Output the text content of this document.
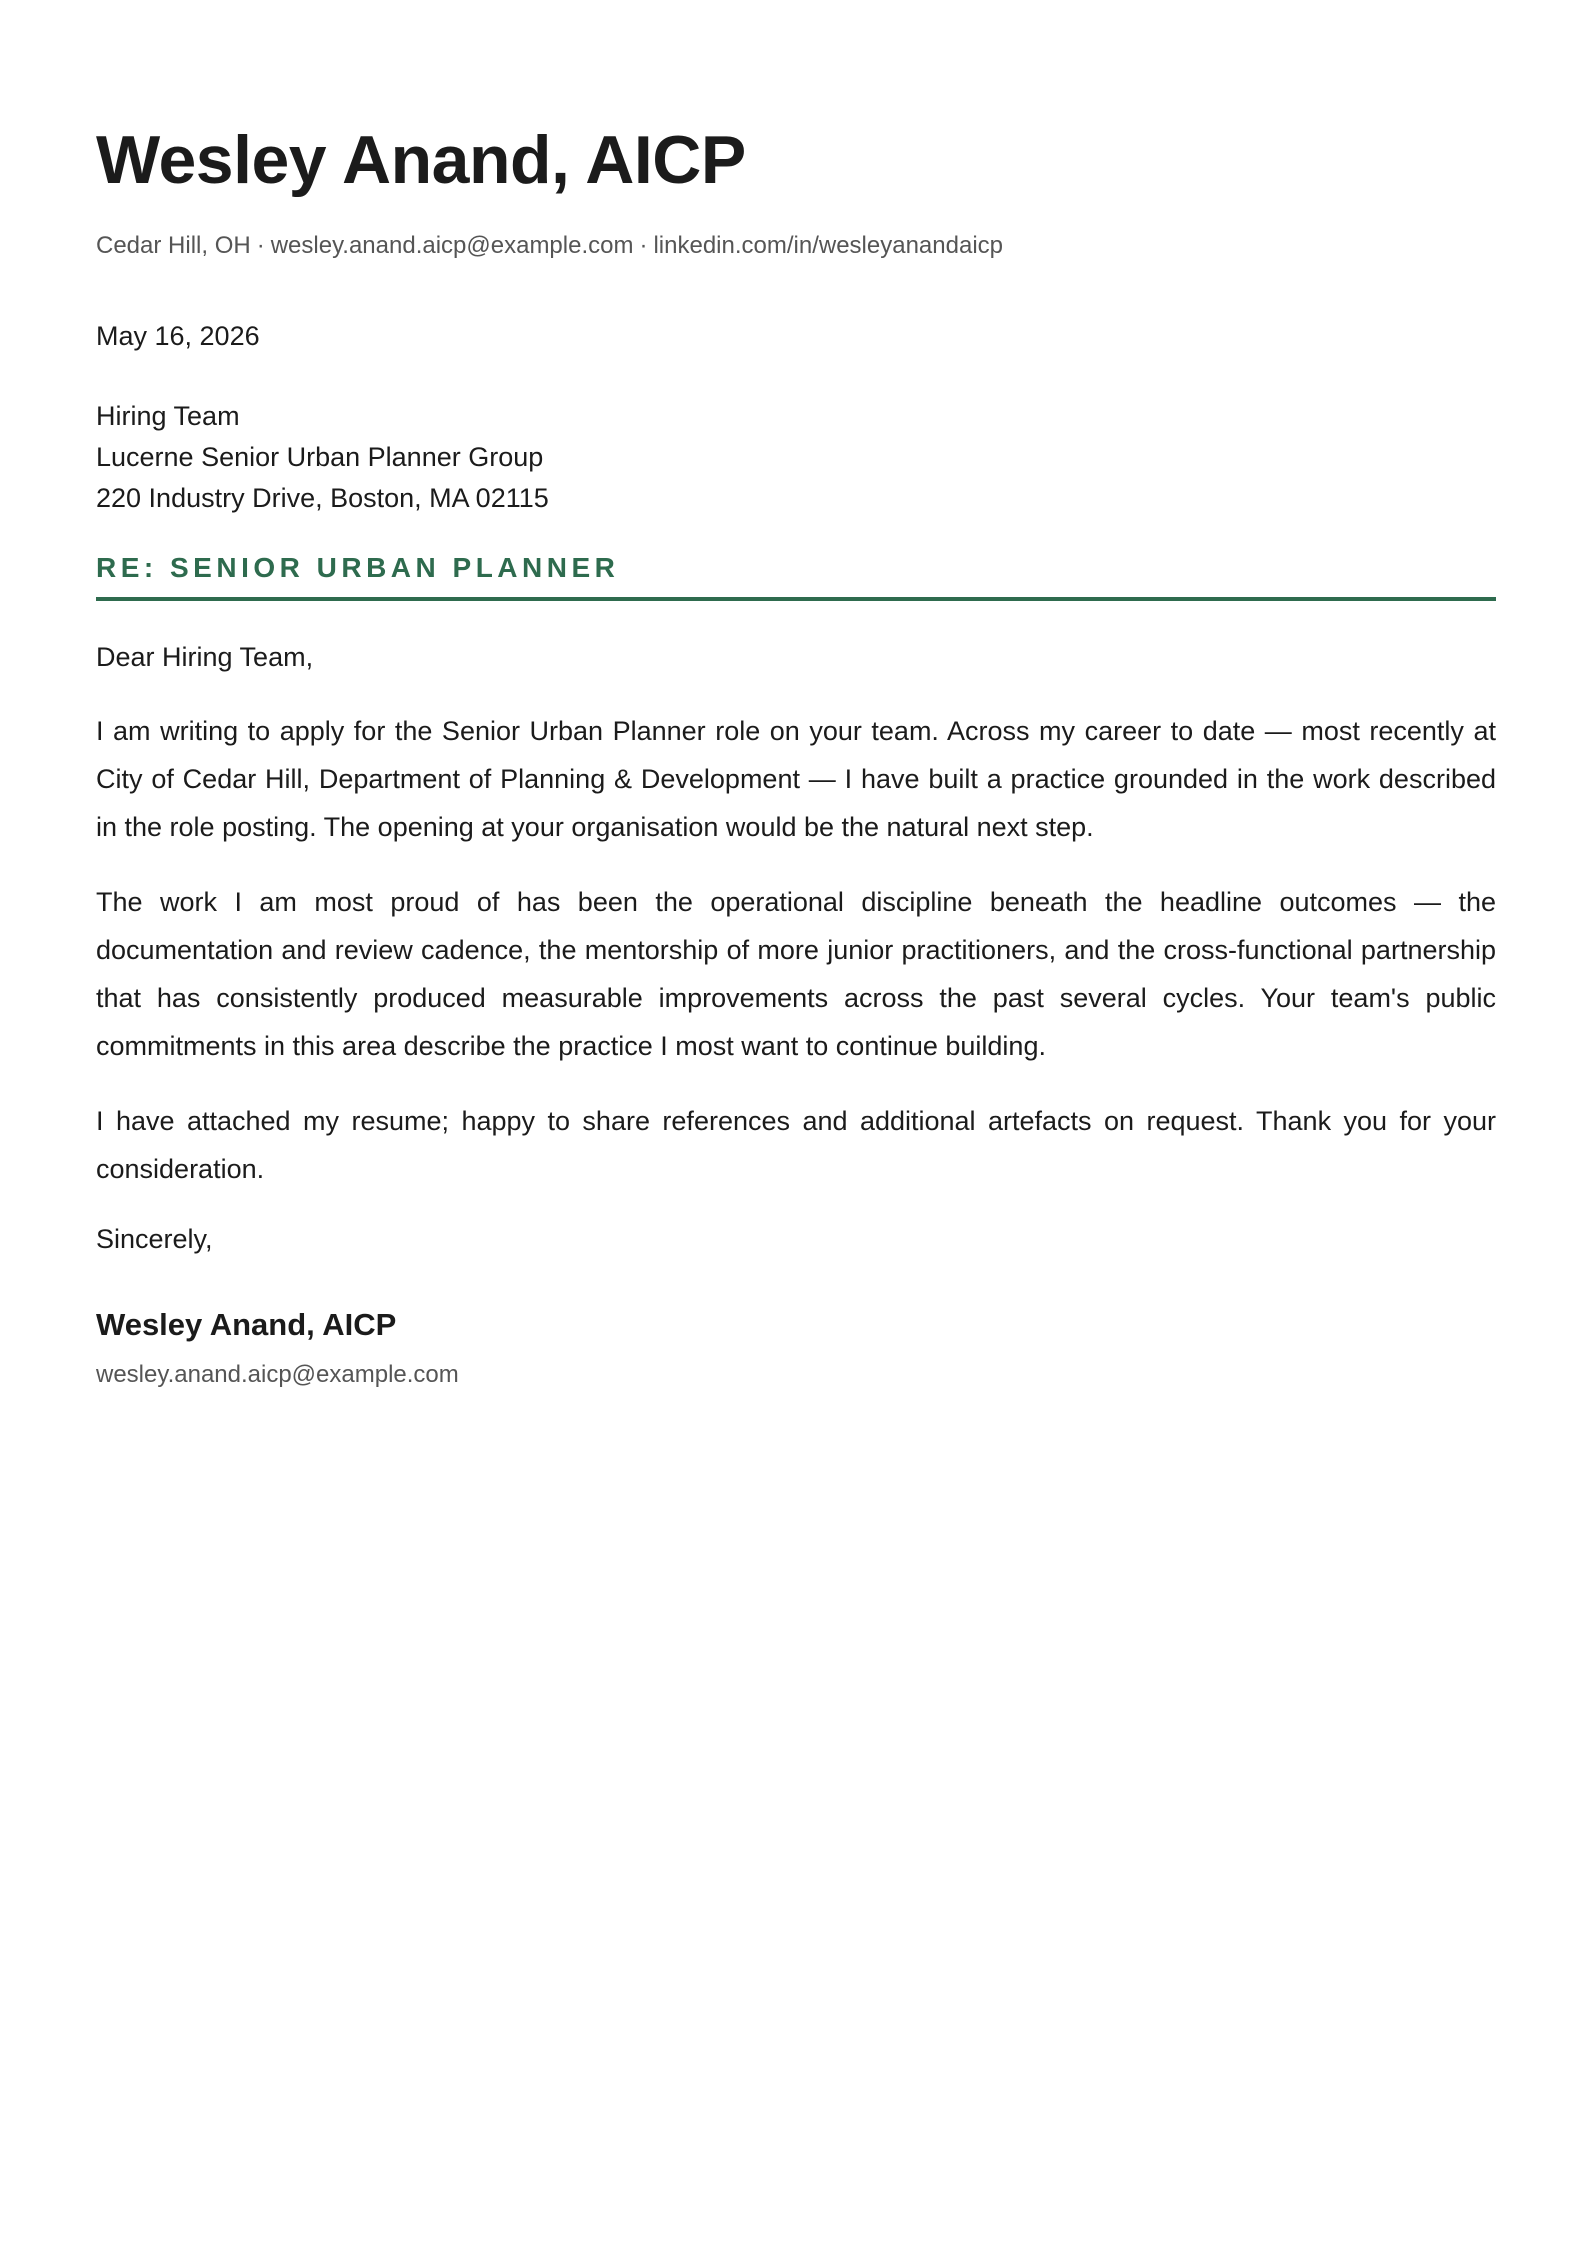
Wesley Anand, AICP
Cedar Hill, OH · wesley.anand.aicp@example.com · linkedin.com/in/wesleyanandaicp
May 16, 2026
Hiring Team
Lucerne Senior Urban Planner Group
220 Industry Drive, Boston, MA 02115
RE: SENIOR URBAN PLANNER
Dear Hiring Team,

I am writing to apply for the Senior Urban Planner role on your team. Across my career to date — most recently at City of Cedar Hill, Department of Planning & Development — I have built a practice grounded in the work described in the role posting. The opening at your organisation would be the natural next step.

The work I am most proud of has been the operational discipline beneath the headline outcomes — the documentation and review cadence, the mentorship of more junior practitioners, and the cross-functional partnership that has consistently produced measurable improvements across the past several cycles. Your team's public commitments in this area describe the practice I most want to continue building.

I have attached my resume; happy to share references and additional artefacts on request. Thank you for your consideration.

Sincerely,
Wesley Anand, AICP
wesley.anand.aicp@example.com
